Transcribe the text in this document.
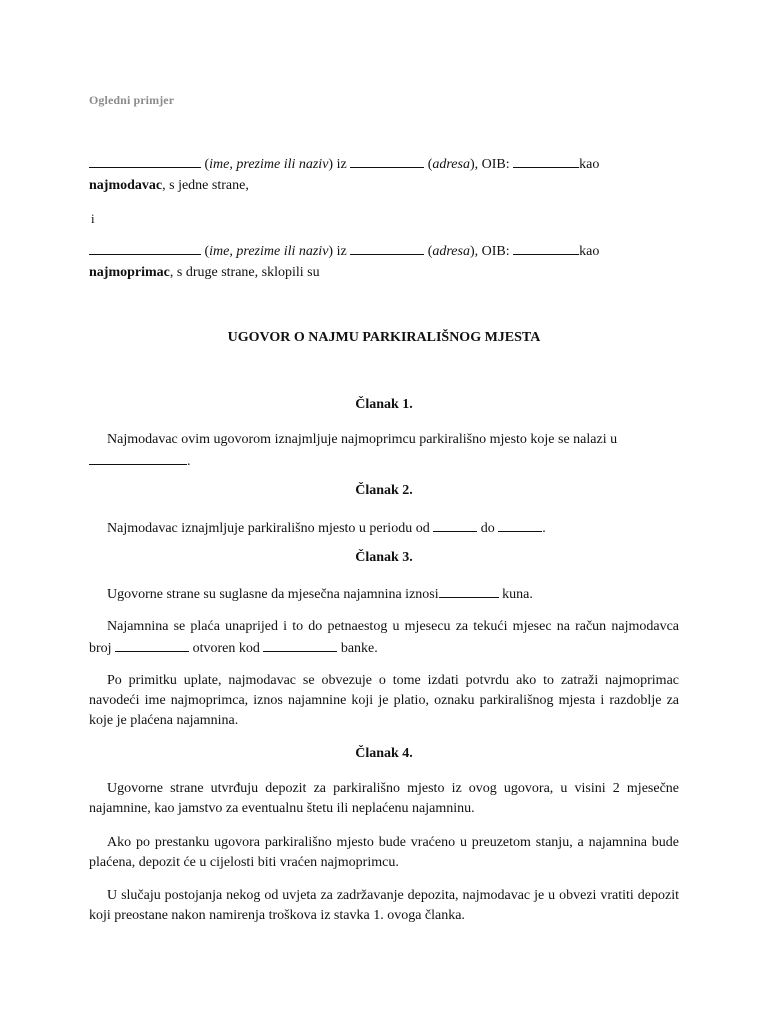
Ogledni primjer
(ime, prezime ili naziv) iz	(adresa), OIB:	kao
najmodavac, s jedne strane,
i
(ime, prezime ili naziv) iz	(adresa), OIB:	kao
najmoprimac, s druge strane, sklopili su
UGOVOR O NAJMU PARKIRALIŠNOG MJESTA
Članak 1.
Najmodavac ovim ugovorom iznajmljuje najmoprimcu parkirališno mjesto koje se nalazi u
.
Članak 2.
Najmodavac iznajmljuje parkirališno mjesto u periodu od	do	.
Članak 3.
Ugovorne strane su suglasne da mjesečna najamnina iznosi	kuna.
Najamnina se plaća unaprijed i to do petnaestog u mjesecu za tekući mjesec na račun najmodavca broj	otvoren kod	banke.
Po primitku uplate, najmodavac se obvezuje o tome izdati potvrdu ako to zatraži najmoprimac navodeći ime najmoprimca, iznos najamnine koji je platio, oznaku parkirališnog mjesta i razdoblje za koje je plaćena najamnina.
Članak 4.
Ugovorne strane utvrđuju depozit za parkirališno mjesto iz ovog ugovora, u visini 2 mjesečne najamnine, kao jamstvo za eventualnu štetu ili neplaćenu najamninu.
Ako po prestanku ugovora parkirališno mjesto bude vraćeno u preuzetom stanju, a najamnina bude plaćena, depozit će u cijelosti biti vraćen najmoprimcu.
U slučaju postojanja nekog od uvjeta za zadržavanje depozita, najmodavac je u obvezi vratiti depozit koji preostane nakon namirenja troškova iz stavka 1. ovoga članka.
